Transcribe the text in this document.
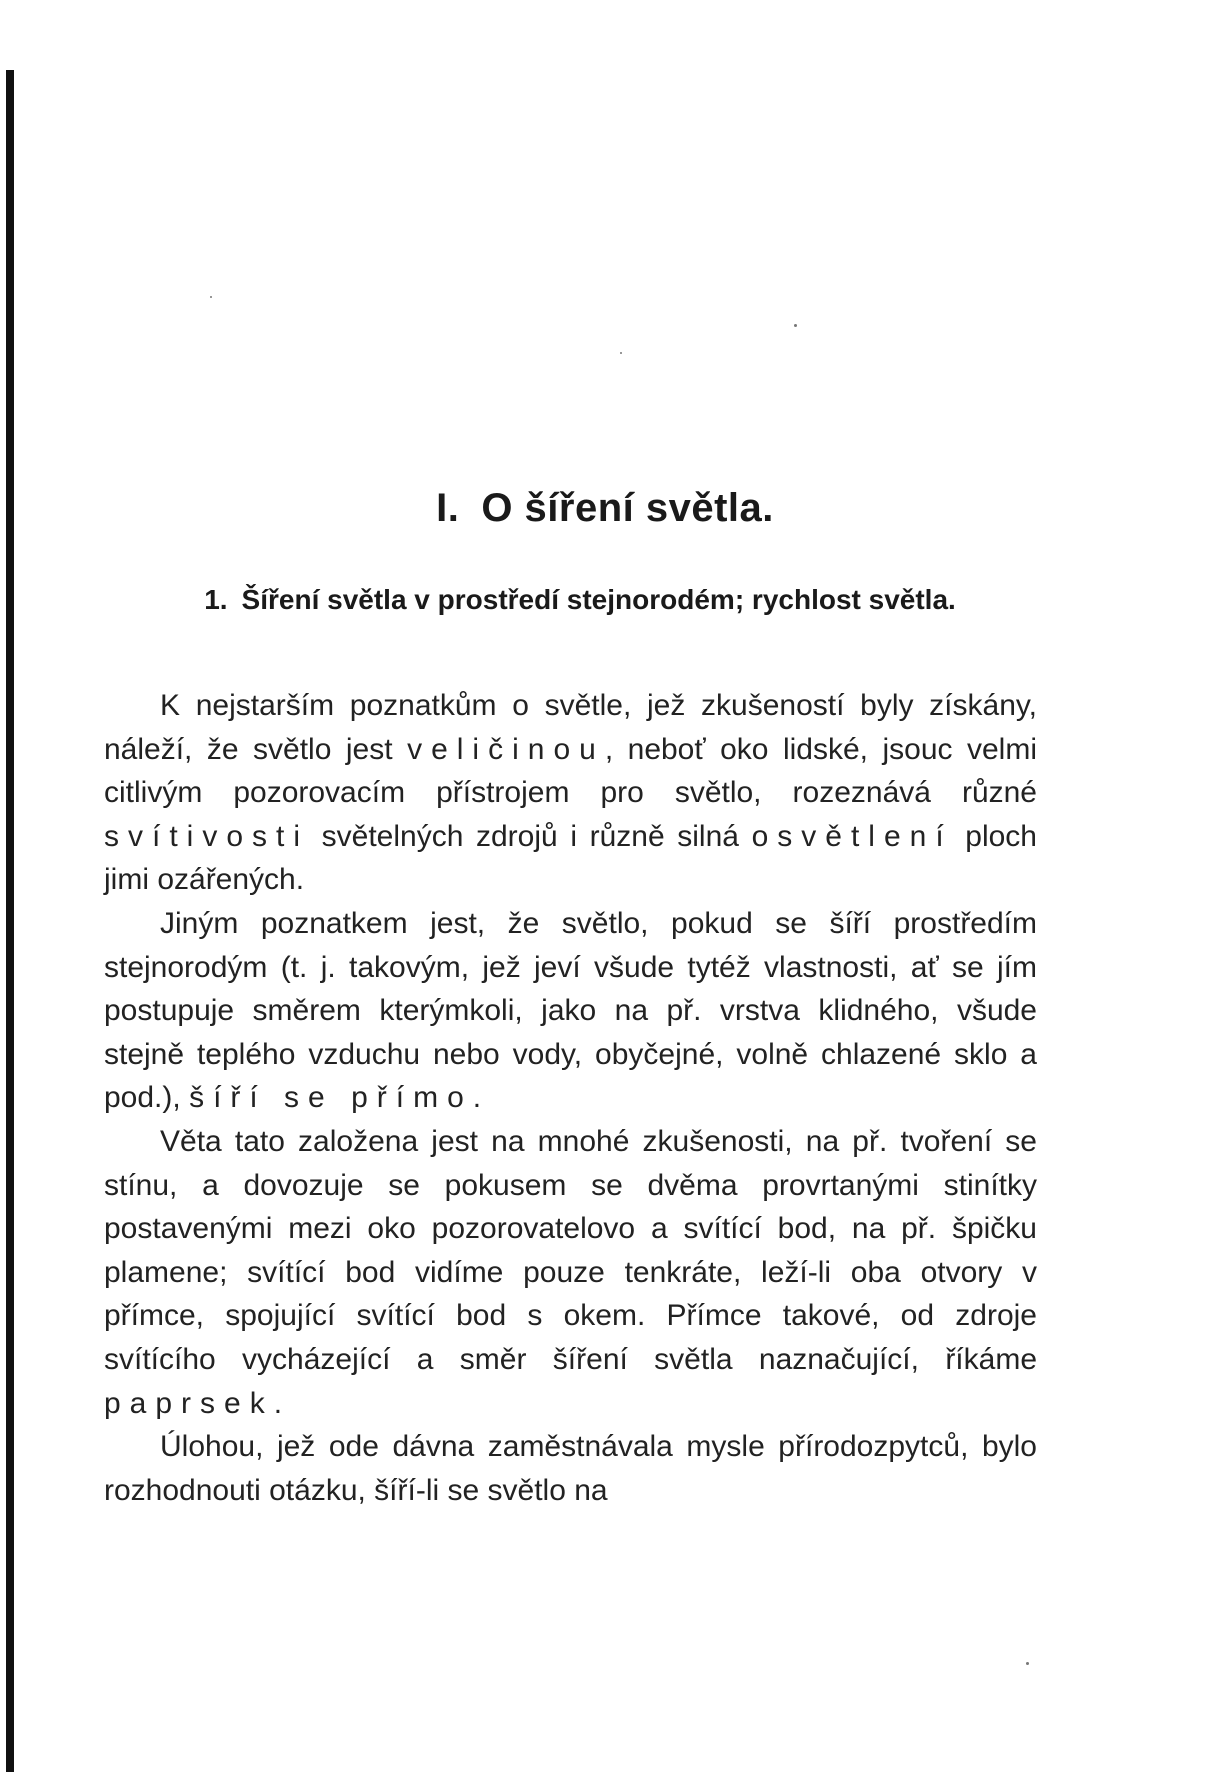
I. O šíření světla.
1. Šíření světla v prostředí stejnorodém; rychlost světla.

K nejstarším poznatkům o světle, jež zkušeností byly získány, náleží, že světlo jest veličinou, neboť oko lidské, jsouc velmi citlivým pozorovacím přístrojem pro světlo, rozeznává různé svítivosti světelných zdrojů i různě silná osvětlení ploch jimi ozářených.

Jiným poznatkem jest, že světlo, pokud se šíří prostředím stejnorodým (t. j. takovým, jež jeví všude tytéž vlastnosti, ať se jím postupuje směrem kterýmkoli, jako na př. vrstva klidného, všude stejně teplého vzduchu nebo vody, obyčejné, volně chlazené sklo a pod.), šíří se přímo.

Věta tato založena jest na mnohé zkušenosti, na př. tvoření se stínu, a dovozuje se pokusem se dvěma provrtanými stinítky postavenými mezi oko pozorovatelovo a svítící bod, na př. špičku plamene; svítící bod vidíme pouze tenkráte, leží-li oba otvory v přímce, spojující svítící bod s okem. Přímce takové, od zdroje svítícího vycházející a směr šíření světla naznačující, říkáme paprsek.

Úlohou, jež ode dávna zaměstnávala mysle přírodozpytců, bylo rozhodnouti otázku, šíří-li se světlo na
